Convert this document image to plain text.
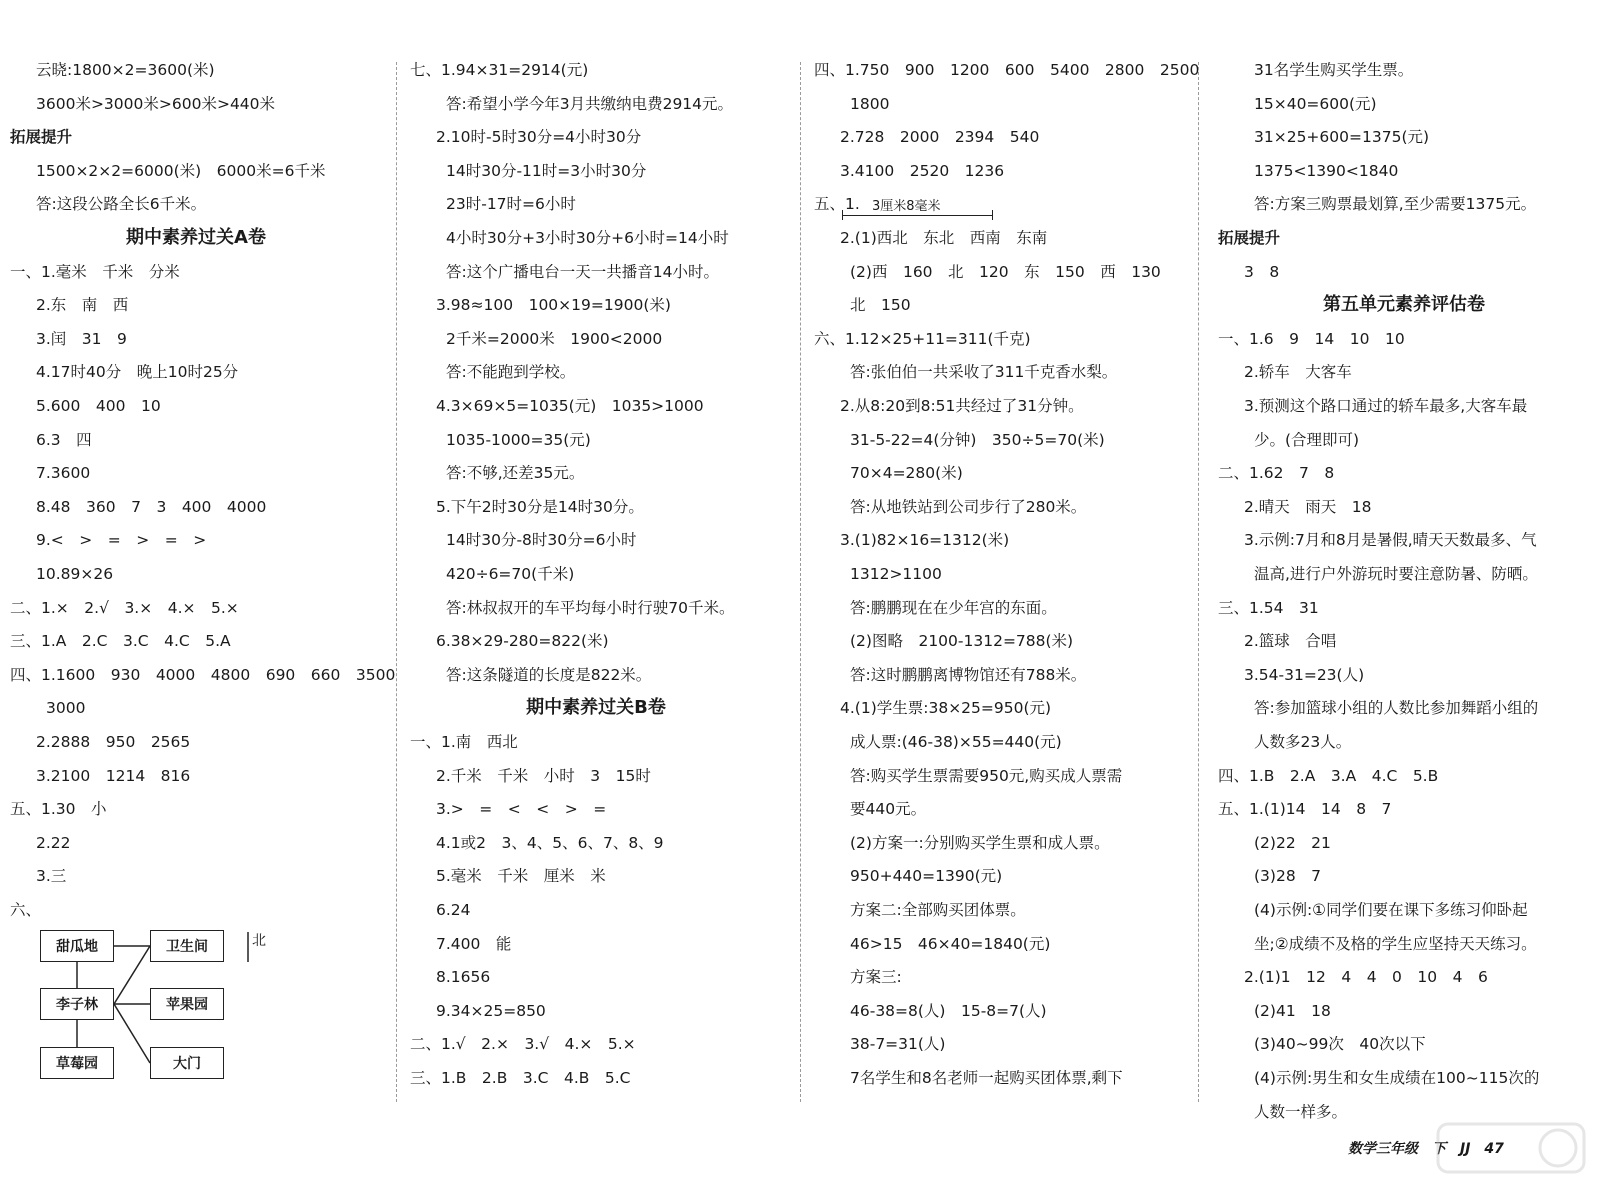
云晓:1800×2=3600(米)
3600米>3000米>600米>440米
拓展提升
1500×2×2=6000(米)　6000米=6千米
答:这段公路全长6千米。
期中素养过关A卷
一、1.毫米　千米　分米
2.东　南　西
3.闰　31　9
4.17时40分　晚上10时25分
5.600　400　10
6.3　四
7.3600
8.48　360　7　3　400　4000
9.<　>　=　>　=　>
10.89×26
二、1.×　2.√　3.×　4.×　5.×
三、1.A　2.C　3.C　4.C　5.A
四、1.1600　930　4000　4800　690　660　3500
3000
2.2888　950　2565
3.2100　1214　816
五、1.30　小
2.22
3.三
六、
七、1.94×31=2914(元)
答:希望小学今年3月共缴纳电费2914元。
2.10时-5时30分=4小时30分
14时30分-11时=3小时30分
23时-17时=6小时
4小时30分+3小时30分+6小时=14小时
答:这个广播电台一天一共播音14小时。
3.98≈100　100×19=1900(米)
2千米=2000米　1900<2000
答:不能跑到学校。
4.3×69×5=1035(元)　1035>1000
1035-1000=35(元)
答:不够,还差35元。
5.下午2时30分是14时30分。
14时30分-8时30分=6小时
420÷6=70(千米)
答:林叔叔开的车平均每小时行驶70千米。
6.38×29-280=822(米)
答:这条隧道的长度是822米。
期中素养过关B卷
一、1.南　西北
2.千米　千米　小时　3　15时
3.>　=　<　<　>　=
4.1或2　3、4、5、6、7、8、9
5.毫米　千米　厘米　米
6.24
7.400　能
8.1656
9.34×25=850
二、1.√　2.×　3.√　4.×　5.×
三、1.B　2.B　3.C　4.B　5.C
四、1.750　900　1200　600　5400　2800　2500
1800
2.728　2000　2394　540
3.4100　2520　1236
五、1.
2.(1)西北　东北　西南　东南
(2)西　160　北　120　东　150　西　130
北　150
六、1.12×25+11=311(千克)
答:张伯伯一共采收了311千克香水梨。
2.从8:20到8:51共经过了31分钟。
31-5-22=4(分钟)　350÷5=70(米)
70×4=280(米)
答:从地铁站到公司步行了280米。
3.(1)82×16=1312(米)
1312>1100
答:鹏鹏现在在少年宫的东面。
(2)图略　2100-1312=788(米)
答:这时鹏鹏离博物馆还有788米。
4.(1)学生票:38×25=950(元)
成人票:(46-38)×55=440(元)
答:购买学生票需要950元,购买成人票需
要440元。
(2)方案一:分别购买学生票和成人票。
950+440=1390(元)
方案二:全部购买团体票。
46>15　46×40=1840(元)
方案三:
46-38=8(人)　15-8=7(人)
38-7=31(人)
7名学生和8名老师一起购买团体票,剩下
31名学生购买学生票。
15×40=600(元)
31×25+600=1375(元)
1375<1390<1840
答:方案三购票最划算,至少需要1375元。
拓展提升
3　8
第五单元素养评估卷
一、1.6　9　14　10　10
2.轿车　大客车
3.预测这个路口通过的轿车最多,大客车最
少。(合理即可)
二、1.62　7　8
2.晴天　雨天　18
3.示例:7月和8月是暑假,晴天天数最多、气
温高,进行户外游玩时要注意防暑、防晒。
三、1.54　31
2.篮球　合唱
3.54-31=23(人)
答:参加篮球小组的人数比参加舞蹈小组的
人数多23人。
四、1.B　2.A　3.A　4.C　5.B
五、1.(1)14　14　8　7
(2)22　21
(3)28　7
(4)示例:①同学们要在课下多练习仰卧起
坐;②成绩不及格的学生应坚持天天练习。
2.(1)1　12　4　4　0　10　4　6
(2)41　18
(3)40~99次　40次以下
(4)示例:男生和女生成绩在100~115次的
人数一样多。
3厘米8毫米
甜瓜地	卫生间
李子林	苹果园
草莓园	大门
北
数学三年级　下　JJ　47
